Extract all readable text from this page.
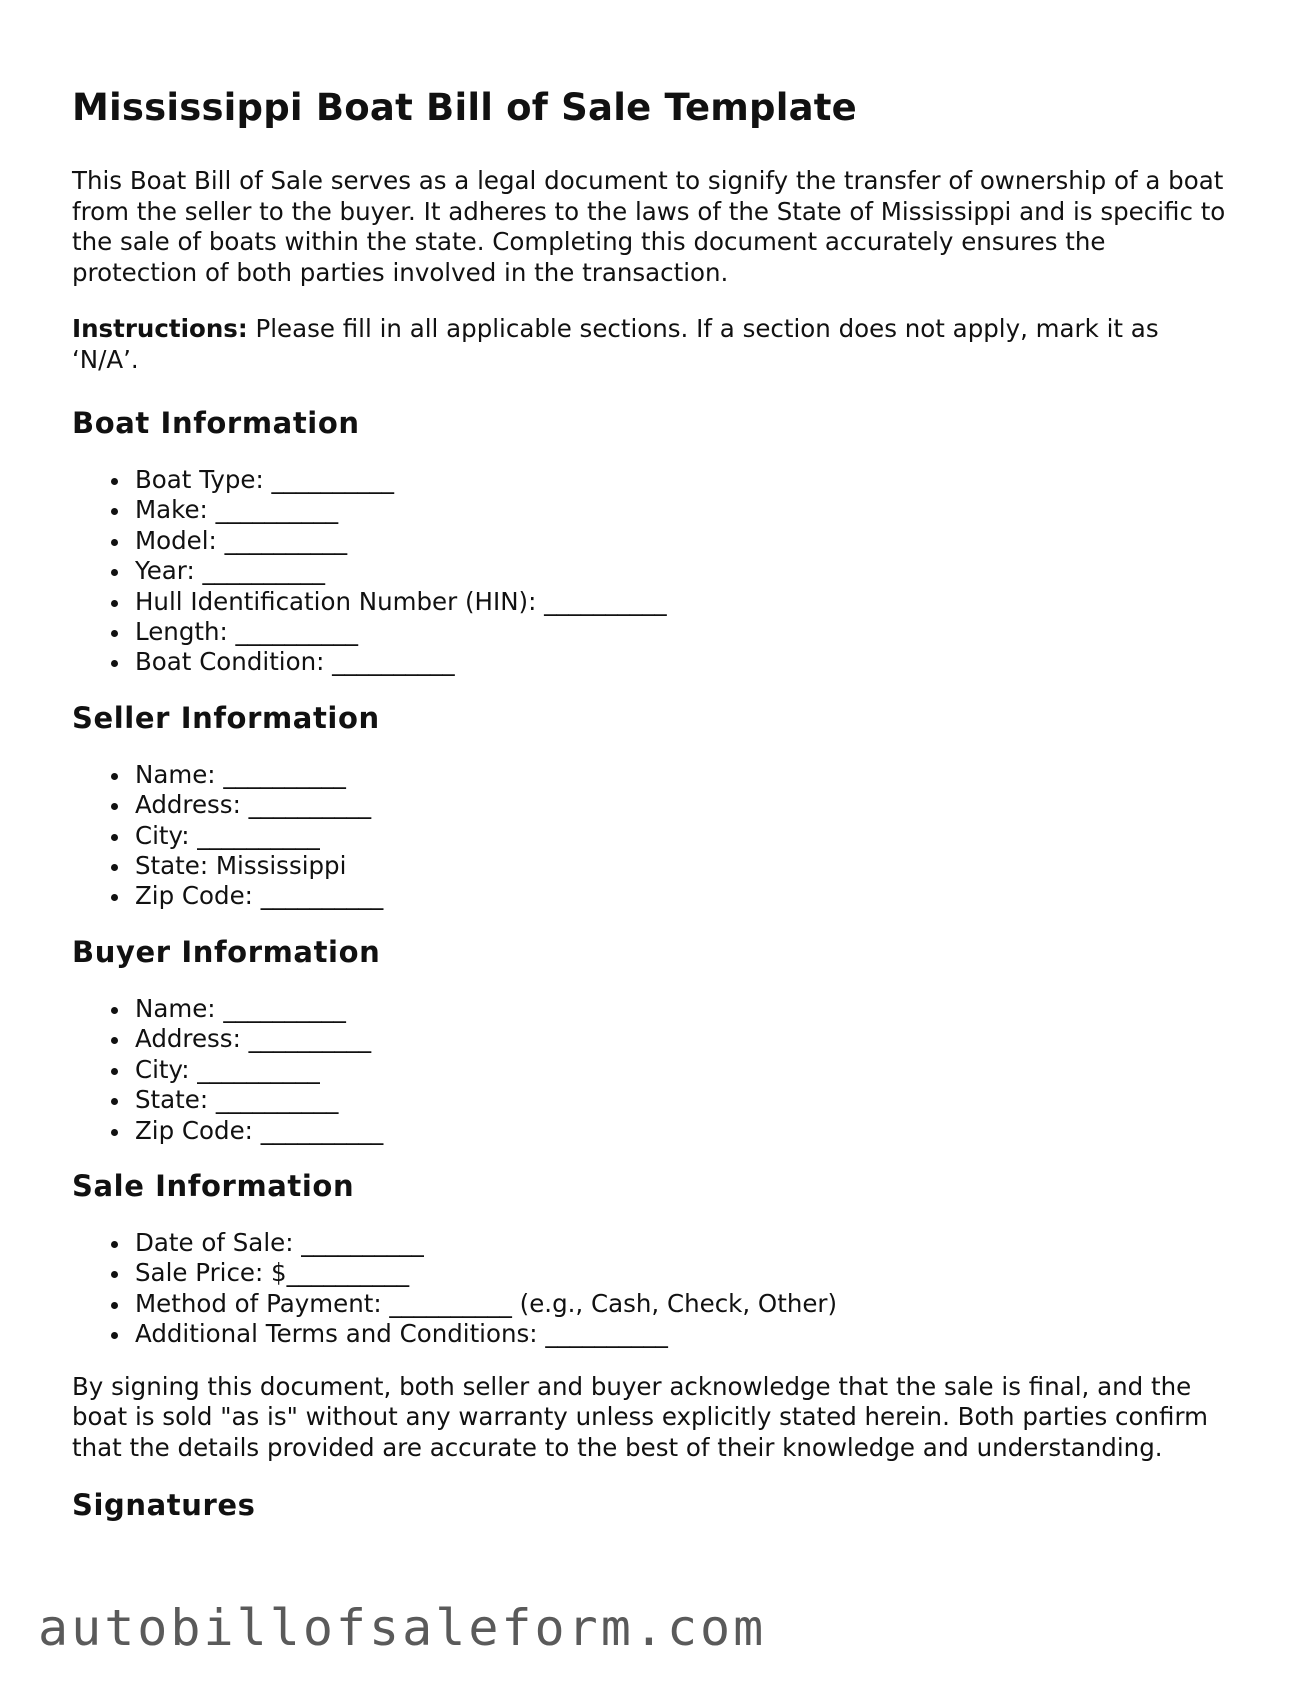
Mississippi Boat Bill of Sale Template

This Boat Bill of Sale serves as a legal document to signify the transfer of ownership of a boat from the seller to the buyer. It adheres to the laws of the State of Mississippi and is specific to the sale of boats within the state. Completing this document accurately ensures the protection of both parties involved in the transaction.

Instructions: Please fill in all applicable sections. If a section does not apply, mark it as ‘N/A’.

Boat Information
Boat Type: __________
Make: __________
Model: __________
Year: __________
Hull Identification Number (HIN): __________
Length: __________
Boat Condition: __________
Seller Information
Name: __________
Address: __________
City: __________
State: Mississippi
Zip Code: __________
Buyer Information
Name: __________
Address: __________
City: __________
State: __________
Zip Code: __________
Sale Information
Date of Sale: __________
Sale Price: $__________
Method of Payment: __________ (e.g., Cash, Check, Other)
Additional Terms and Conditions: __________

By signing this document, both seller and buyer acknowledge that the sale is final, and the boat is sold "as is" without any warranty unless explicitly stated herein. Both parties confirm that the details provided are accurate to the best of their knowledge and understanding.

Signatures
autobillofsaleform.com
